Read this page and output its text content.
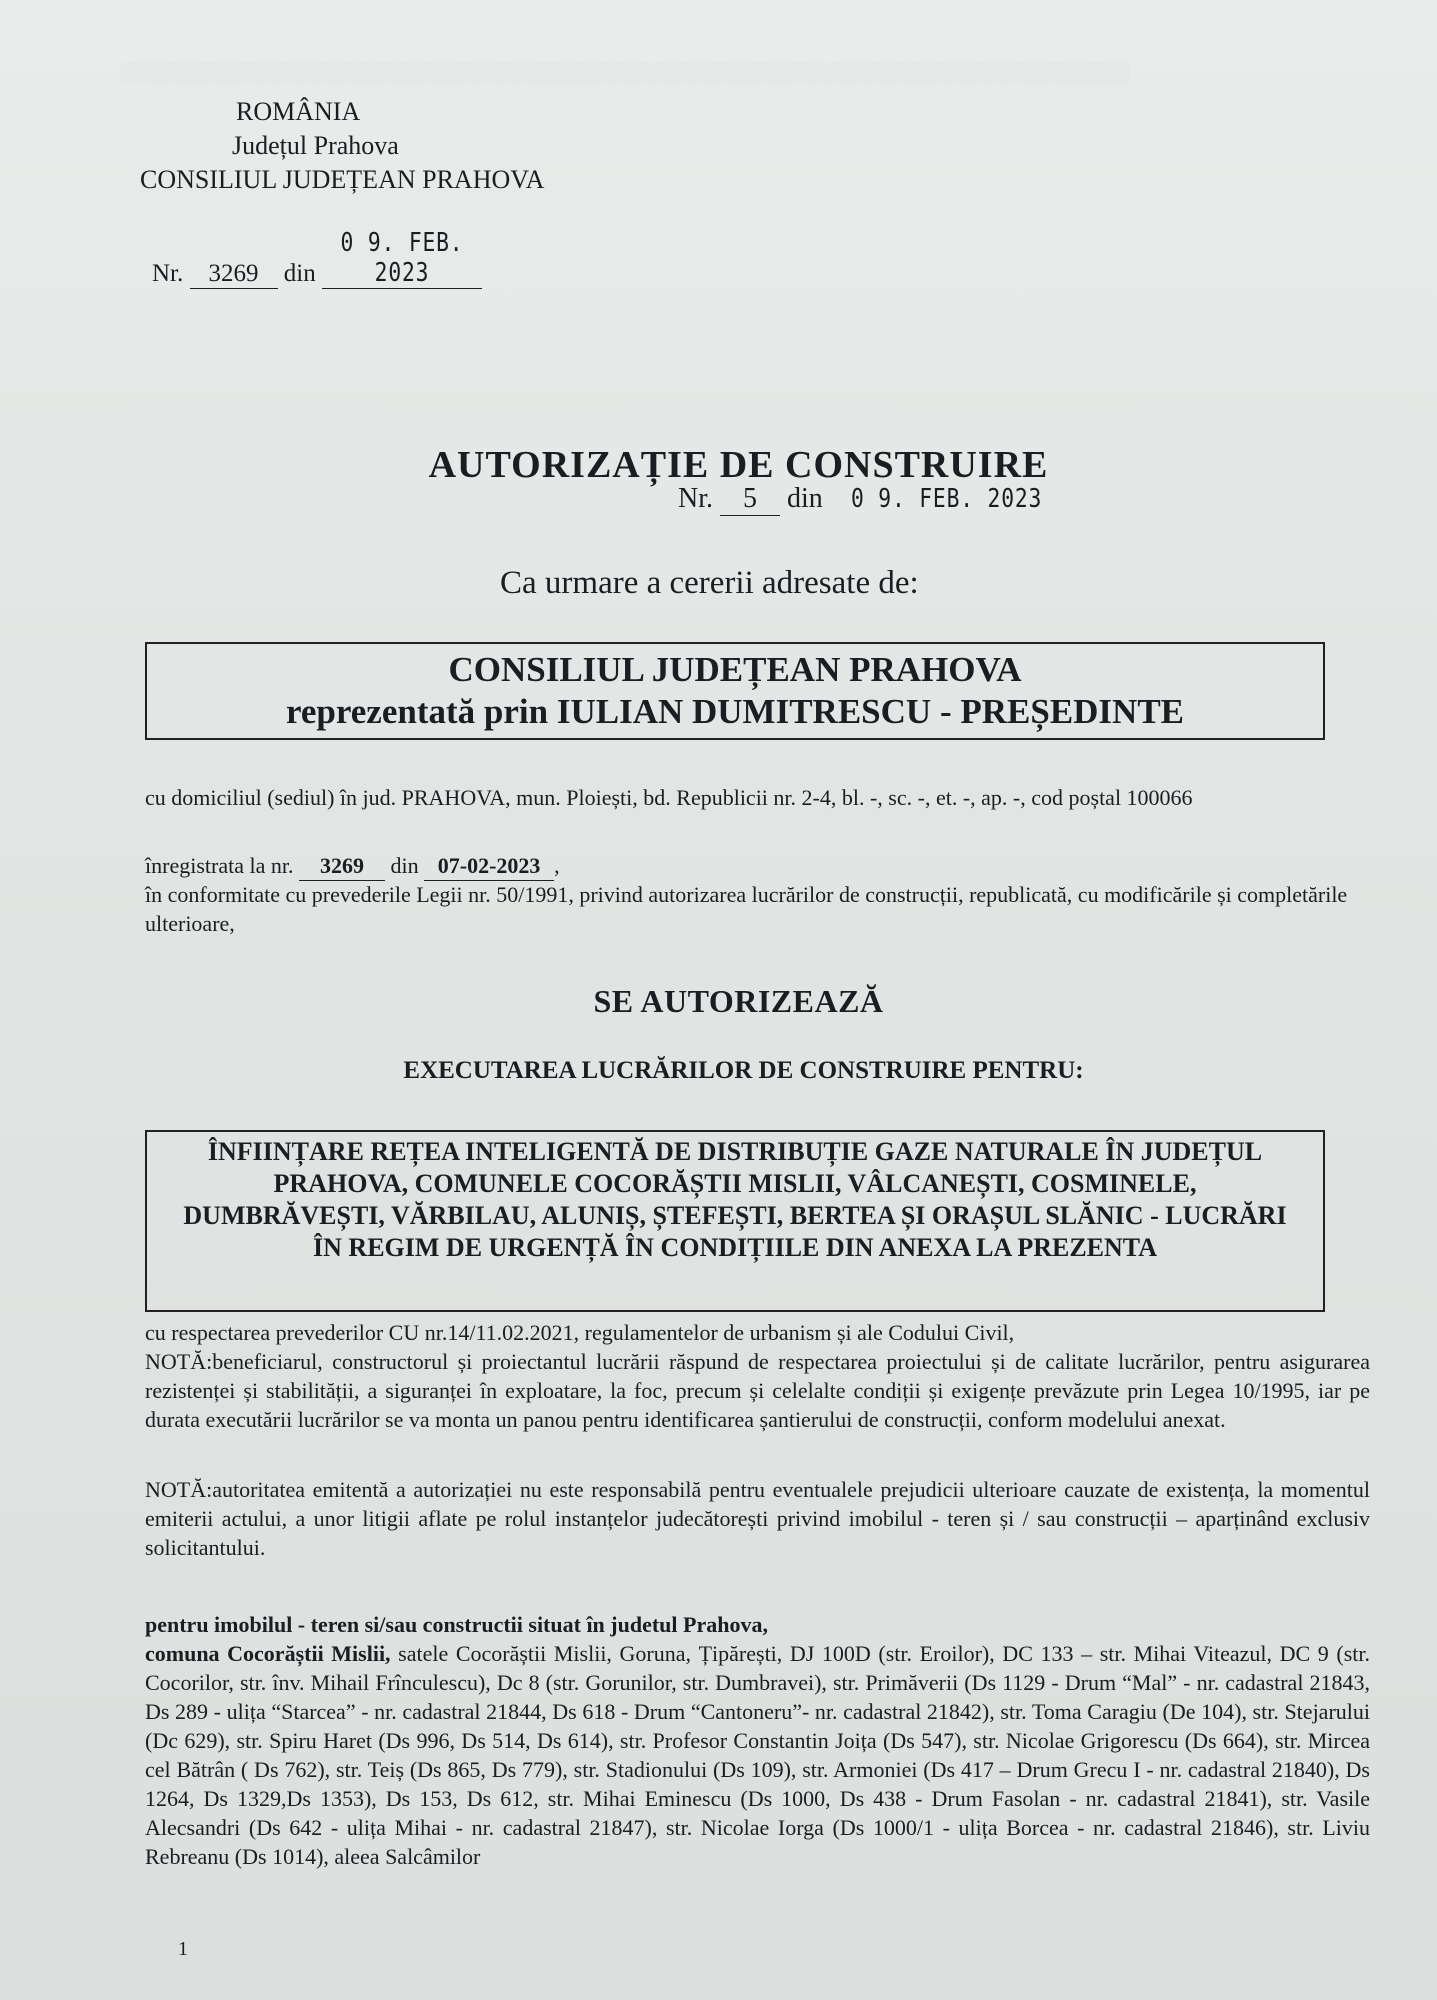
░░░░░░░░░░░░░░░░░░░░░░░░░░░░░░░░░░░░░░░░░░░░░░░░░░░░░░░░░░░░░░░░░░░░░░░░░░░
ROMÂNIA
Județul Prahova
CONSILIUL JUDEȚEAN PRAHOVA
Nr. 3269 din 0 9. FEB. 2023
AUTORIZAȚIE DE CONSTRUIRE
Nr. 5 din 0 9. FEB. 2023
Ca urmare a cererii adresate de:
CONSILIUL JUDEȚEAN PRAHOVA
reprezentată prin IULIAN DUMITRESCU - PREȘEDINTE
cu domiciliul (sediul) în jud. PRAHOVA, mun. Ploiești, bd. Republicii nr. 2-4, bl. -, sc. -, et. -, ap. -, cod poștal 100066
înregistrata la nr. 3269 din 07-02-2023 ,
în conformitate cu prevederile Legii nr. 50/1991, privind autorizarea lucrărilor de construcții, republicată, cu modificările și completările ulterioare,
SE AUTORIZEAZĂ
EXECUTAREA LUCRĂRILOR DE CONSTRUIRE PENTRU:
ÎNFIINȚARE REȚEA INTELIGENTĂ DE DISTRIBUȚIE GAZE NATURALE ÎN JUDEȚUL PRAHOVA, COMUNELE COCORĂȘTII MISLII, VÂLCANEȘTI, COSMINELE, DUMBRĂVEȘTI, VĂRBILAU, ALUNIȘ, ȘTEFEȘTI, BERTEA ȘI ORAȘUL SLĂNIC - LUCRĂRI ÎN REGIM DE URGENȚĂ ÎN CONDIȚIILE DIN ANEXA LA PREZENTA
cu respectarea prevederilor CU nr.14/11.02.2021, regulamentelor de urbanism și ale Codului Civil,
NOTĂ:beneficiarul, constructorul și proiectantul lucrării răspund de respectarea proiectului și de calitate lucrărilor, pentru asigurarea rezistenței și stabilității, a siguranței în exploatare, la foc, precum și celelalte condiții și exigențe prevăzute prin Legea 10/1995, iar pe durata executării lucrărilor se va monta un panou pentru identificarea șantierului de construcții, conform modelului anexat.
NOTĂ:autoritatea emitentă a autorizației nu este responsabilă pentru eventualele prejudicii ulterioare cauzate de existența, la momentul emiterii actului, a unor litigii aflate pe rolul instanțelor judecătorești privind imobilul - teren și / sau construcții – aparținând exclusiv solicitantului.
pentru imobilul - teren si/sau constructii situat în judetul Prahova,
comuna Cocorăștii Mislii, satele Cocorăștii Mislii, Goruna, Țipărești, DJ 100D (str. Eroilor), DC 133 – str. Mihai Viteazul, DC 9 (str. Cocorilor, str. înv. Mihail Frînculescu), Dc 8 (str. Gorunilor, str. Dumbravei), str. Primăverii (Ds 1129 - Drum “Mal” - nr. cadastral 21843, Ds 289 - ulița “Starcea” - nr. cadastral 21844, Ds 618 - Drum “Cantoneru”- nr. cadastral 21842), str. Toma Caragiu (De 104), str. Stejarului (Dc 629), str. Spiru Haret (Ds 996, Ds 514, Ds 614), str. Profesor Constantin Joița (Ds 547), str. Nicolae Grigorescu (Ds 664), str. Mircea cel Bătrân ( Ds 762), str. Teiș (Ds 865, Ds 779), str. Stadionului (Ds 109), str. Armoniei (Ds 417 – Drum Grecu I - nr. cadastral 21840), Ds 1264, Ds 1329,Ds 1353), Ds 153, Ds 612, str. Mihai Eminescu (Ds 1000, Ds 438 - Drum Fasolan - nr. cadastral 21841), str. Vasile Alecsandri (Ds 642 - ulița Mihai - nr. cadastral 21847), str. Nicolae Iorga (Ds 1000/1 - ulița Borcea - nr. cadastral 21846), str. Liviu Rebreanu (Ds 1014), aleea Salcâmilor
1
